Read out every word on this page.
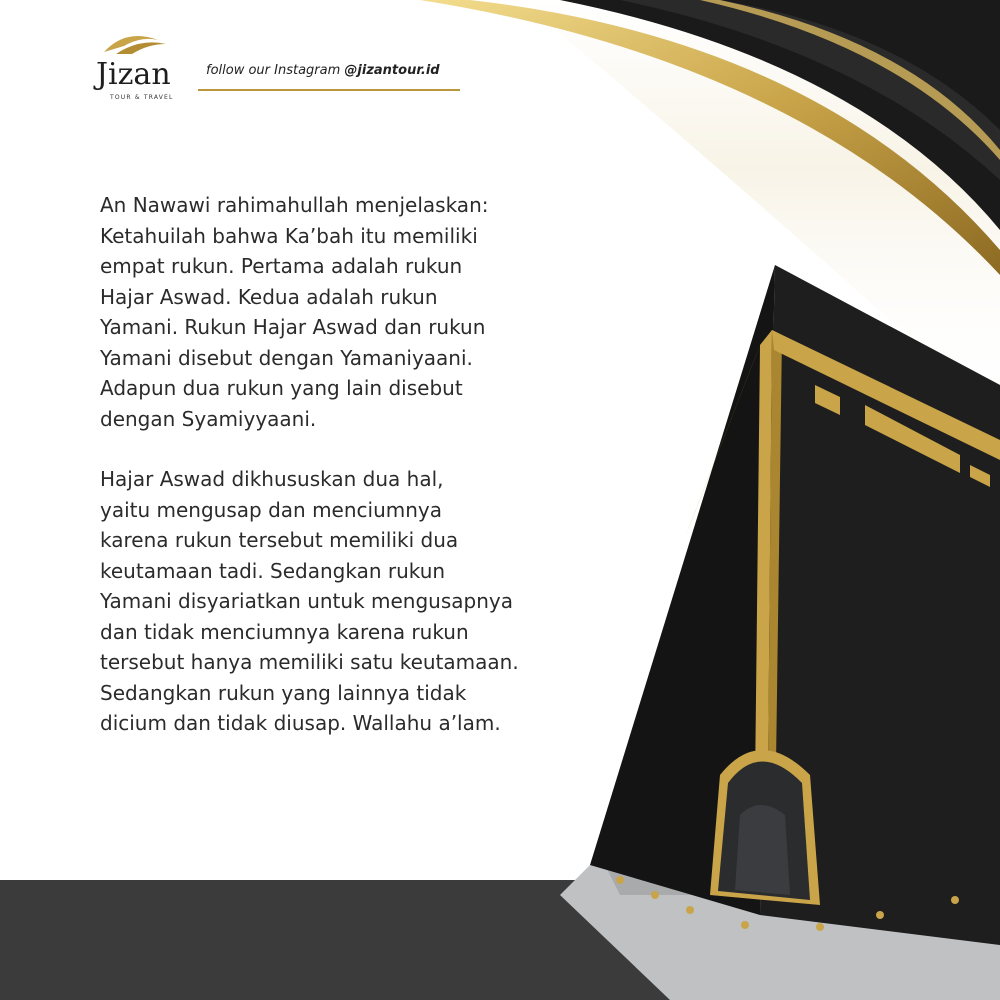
Jizan
TOUR & TRAVEL
follow our Instagram @jizantour.id

An Nawawi rahimahullah menjelaskan:
Ketahuilah bahwa Ka’bah itu memiliki
empat rukun. Pertama adalah rukun
Hajar Aswad. Kedua adalah rukun
Yamani. Rukun Hajar Aswad dan rukun
Yamani disebut dengan Yamaniyaani.
Adapun dua rukun yang lain disebut
dengan Syamiyyaani.

Hajar Aswad dikhususkan dua hal,
yaitu mengusap dan menciumnya
karena rukun tersebut memiliki dua
keutamaan tadi. Sedangkan rukun
Yamani disyariatkan untuk mengusapnya
dan tidak menciumnya karena rukun
tersebut hanya memiliki satu keutamaan.
Sedangkan rukun yang lainnya tidak
dicium dan tidak diusap. Wallahu a’lam.
